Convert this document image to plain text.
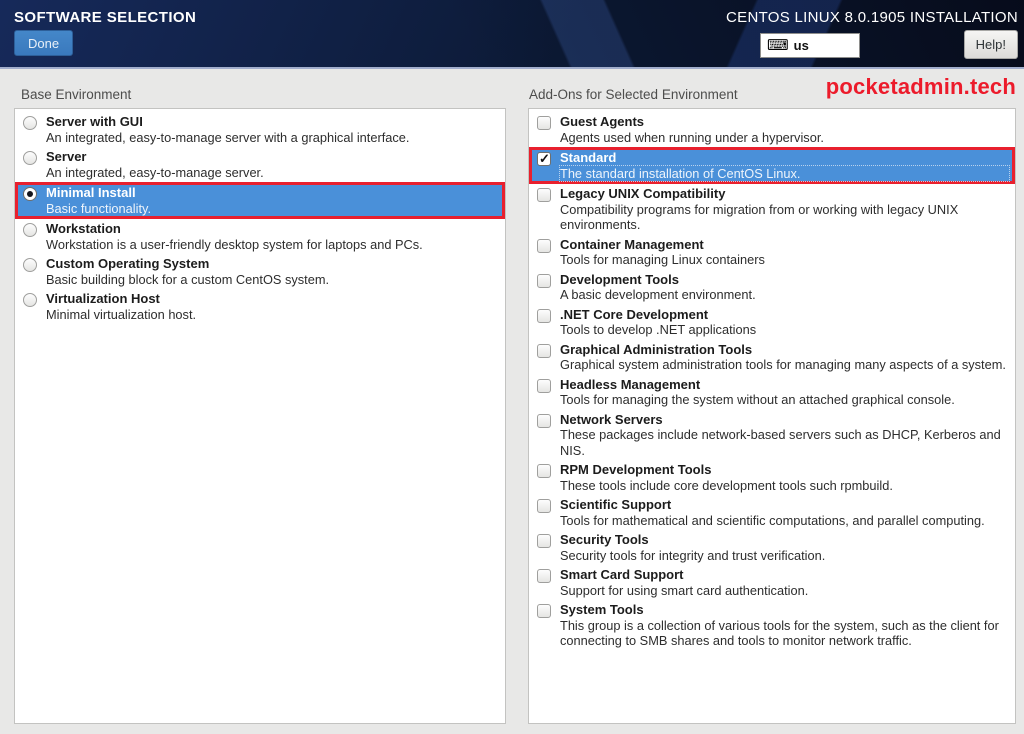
SOFTWARE SELECTION
Done
CENTOS LINUX 8.0.1905 INSTALLATION
⌨ us	Help!
Base Environment	Add-Ons for Selected Environment	pocketadmin.tech
Server with GUI
An integrated, easy-to-manage server with a graphical interface.
Server
An integrated, easy-to-manage server.
Minimal Install
Basic functionality.
Workstation
Workstation is a user-friendly desktop system for laptops and PCs.
Custom Operating System
Basic building block for a custom CentOS system.
Virtualization Host
Minimal virtualization host.
Guest Agents
Agents used when running under a hypervisor.
✓
Standard
The standard installation of CentOS Linux.
Legacy UNIX Compatibility
Compatibility programs for migration from or working with legacy UNIX environments.
Container Management
Tools for managing Linux containers
Development Tools
A basic development environment.
.NET Core Development
Tools to develop .NET applications
Graphical Administration Tools
Graphical system administration tools for managing many aspects of a system.
Headless Management
Tools for managing the system without an attached graphical console.
Network Servers
These packages include network-based servers such as DHCP, Kerberos and NIS.
RPM Development Tools
These tools include core development tools such rpmbuild.
Scientific Support
Tools for mathematical and scientific computations, and parallel computing.
Security Tools
Security tools for integrity and trust verification.
Smart Card Support
Support for using smart card authentication.
System Tools
This group is a collection of various tools for the system, such as the client for connecting to SMB shares and tools to monitor network traffic.
